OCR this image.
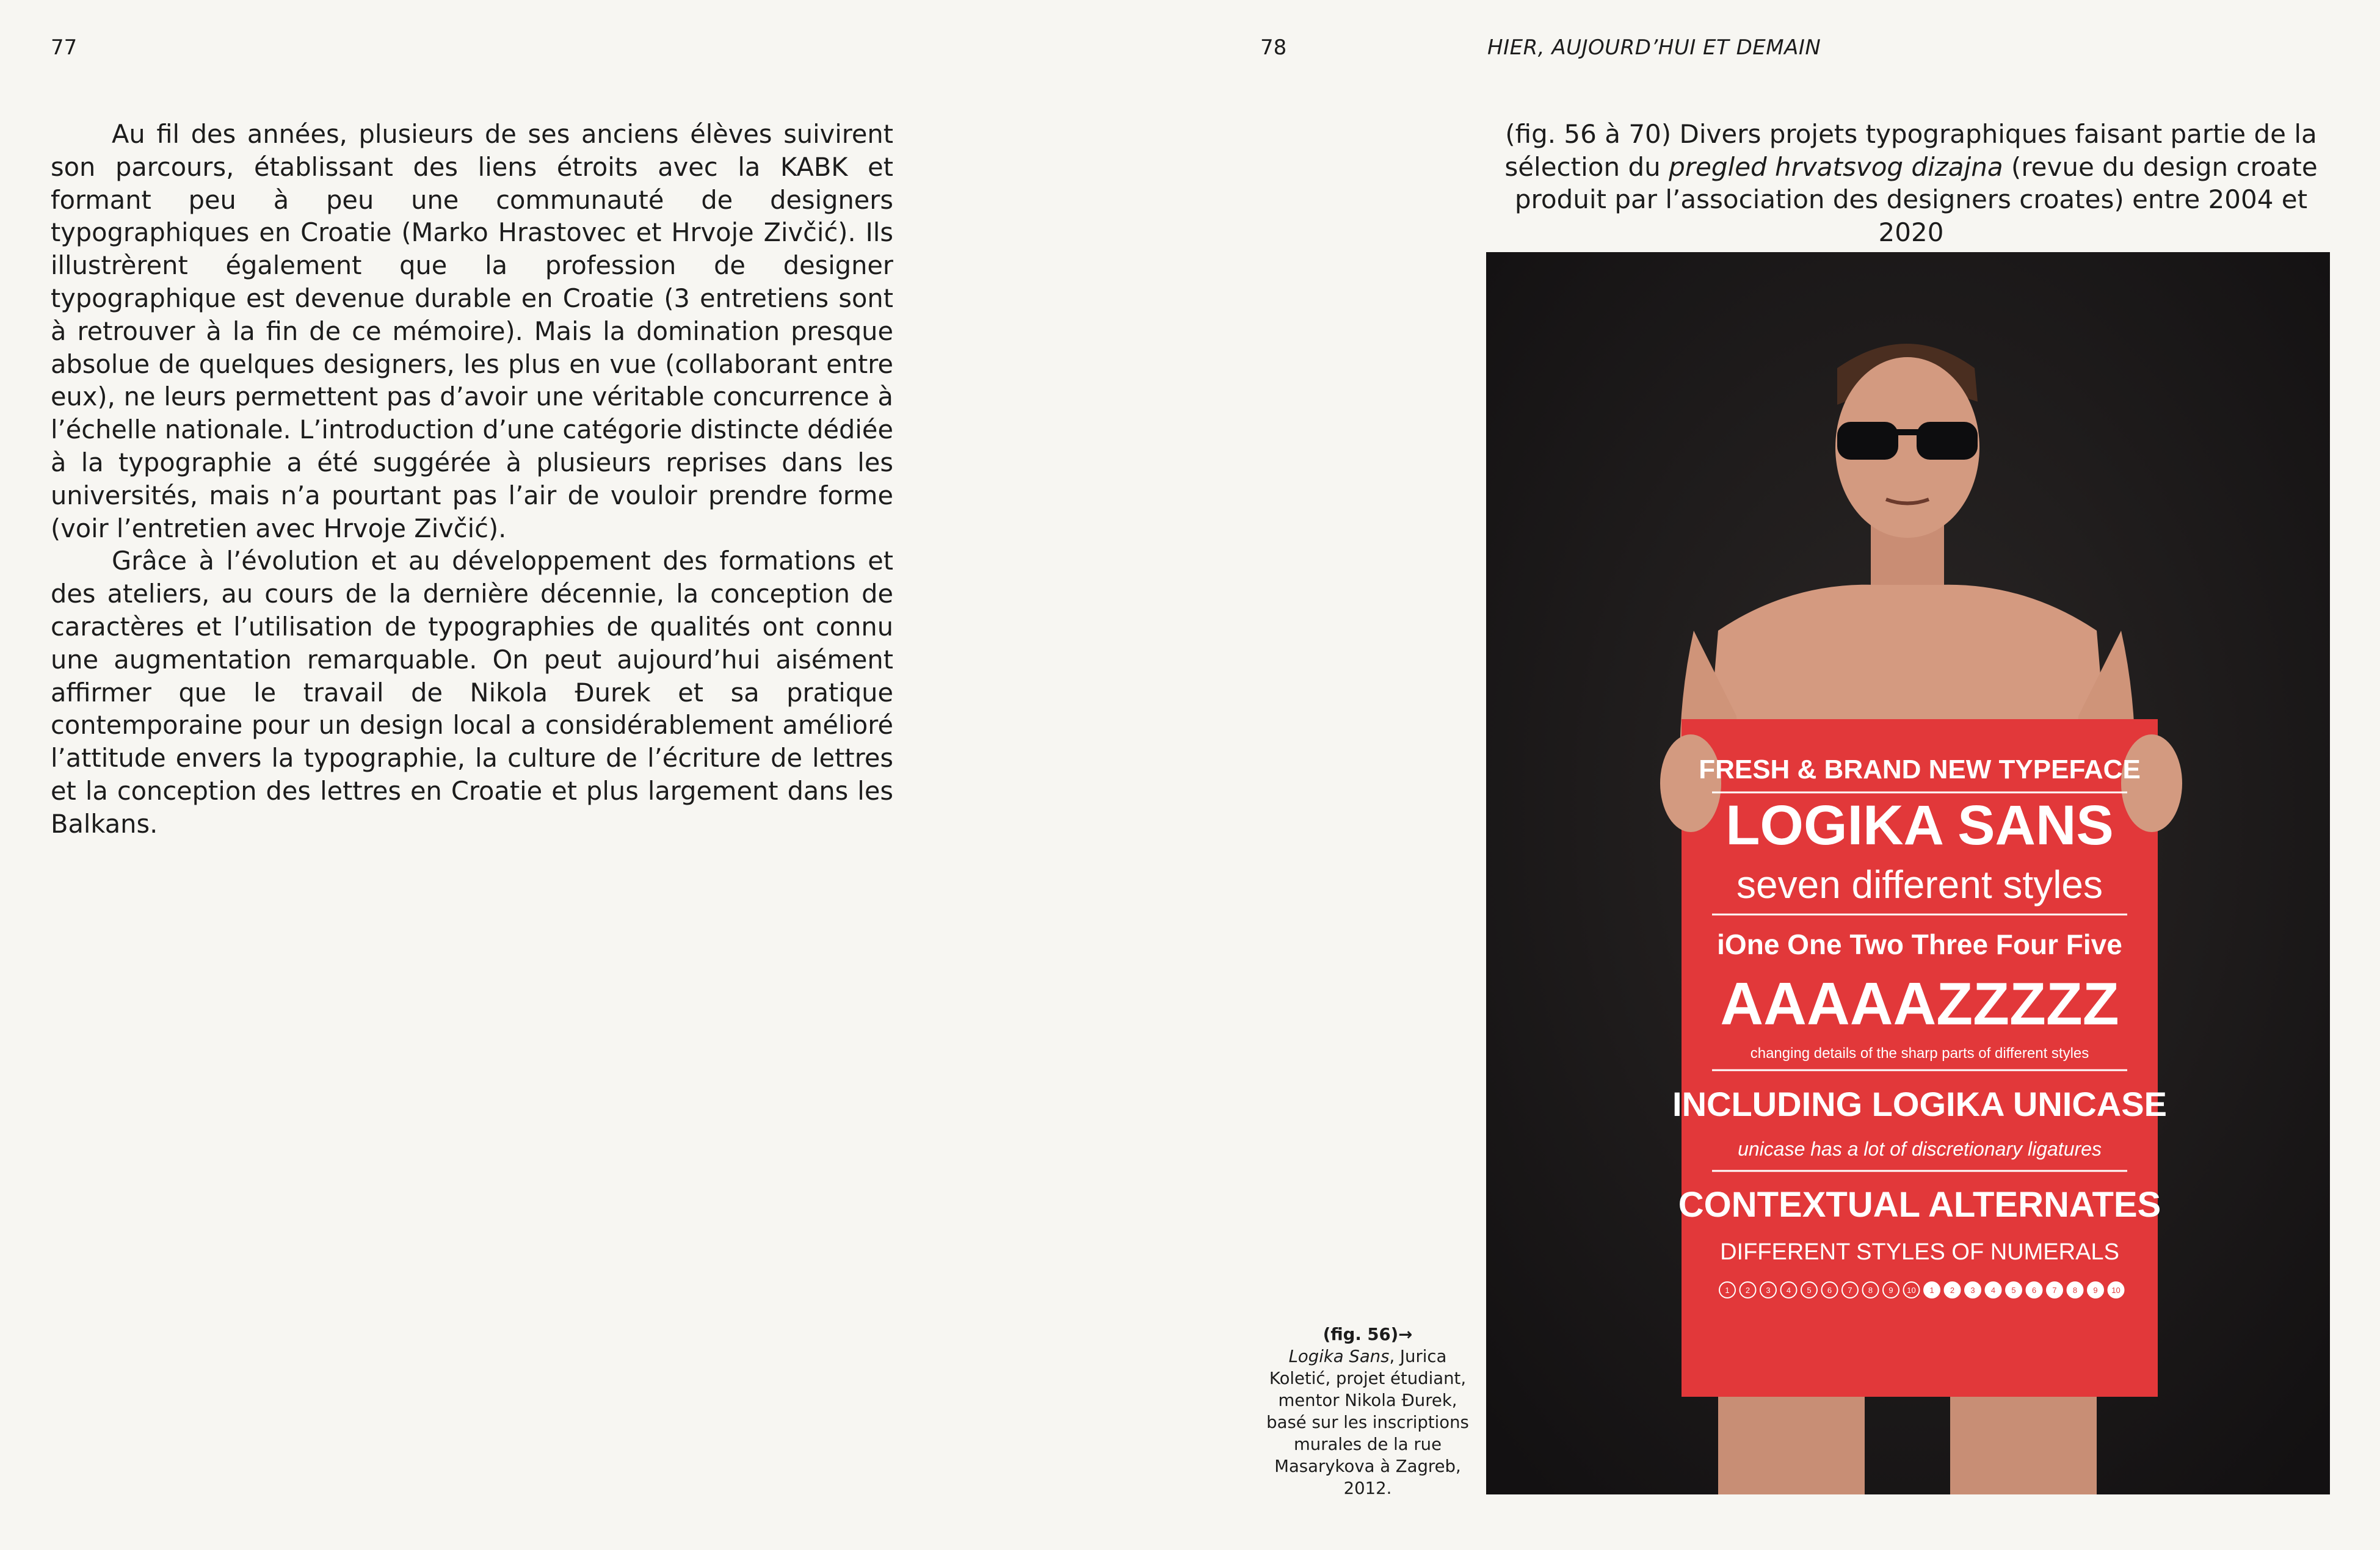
77

Au fil des années, plusieurs de ses anciens élèves suivirent son parcours, établissant des liens étroits avec la KABK et formant peu à peu une communauté de designers typographiques en Croatie (Marko Hrastovec et Hrvoje Zivčić). Ils illustrèrent également que la profession de designer typographique est devenue durable en Croatie (3 entretiens sont à retrouver à la fin de ce mémoire). Mais la domination presque absolue de quelques designers, les plus en vue (collaborant entre eux), ne leurs permettent pas d’avoir une véritable concurrence à l’échelle nationale. L’introduction d’une catégorie distincte dédiée à la typographie a été suggérée à plusieurs reprises dans les universités, mais n’a pourtant pas l’air de vouloir prendre forme (voir l’entretien avec Hrvoje Zivčić).

Grâce à l’évolution et au développement des formations et des ateliers, au cours de la dernière décennie, la conception de caractères et l’utilisation de typographies de qualités ont connu une augmentation remarquable. On peut aujourd’hui aisément affirmer que le travail de Nikola Đurek et sa pratique contemporaine pour un design local a considérablement amélioré l’attitude envers la typographie, la culture de l’écriture de lettres et la conception des lettres en Croatie et plus largement dans les Balkans.

78	HIER, AUJOURD’HUI ET DEMAIN
(fig. 56 à 70) Divers projets typographiques faisant partie de la sélection du pregled hrvatsvog dizajna (revue du design croate produit par l’association des designers croates) entre 2004 et 2020
(fig. 56)→
Logika Sans, Jurica Koletić, projet étudiant, mentor Nikola Đurek, basé sur les inscriptions murales de la rue Masarykova à Zagreb, 2012.
FRESH & BRAND NEW TYPEFACE
LOGIKA SANS
seven different styles
iOne One Two Three Four Five
AAAAAZZZZZ
changing details of the sharp parts of different styles
INCLUDING LOGIKA UNICASE
unicase has a lot of discretionary ligatures
CONTEXTUAL ALTERNATES
DIFFERENT STYLES OF NUMERALS
1 2 3 4 5 6 7 8 9 10 1 2 3 4 5 6 7 8 9 10
